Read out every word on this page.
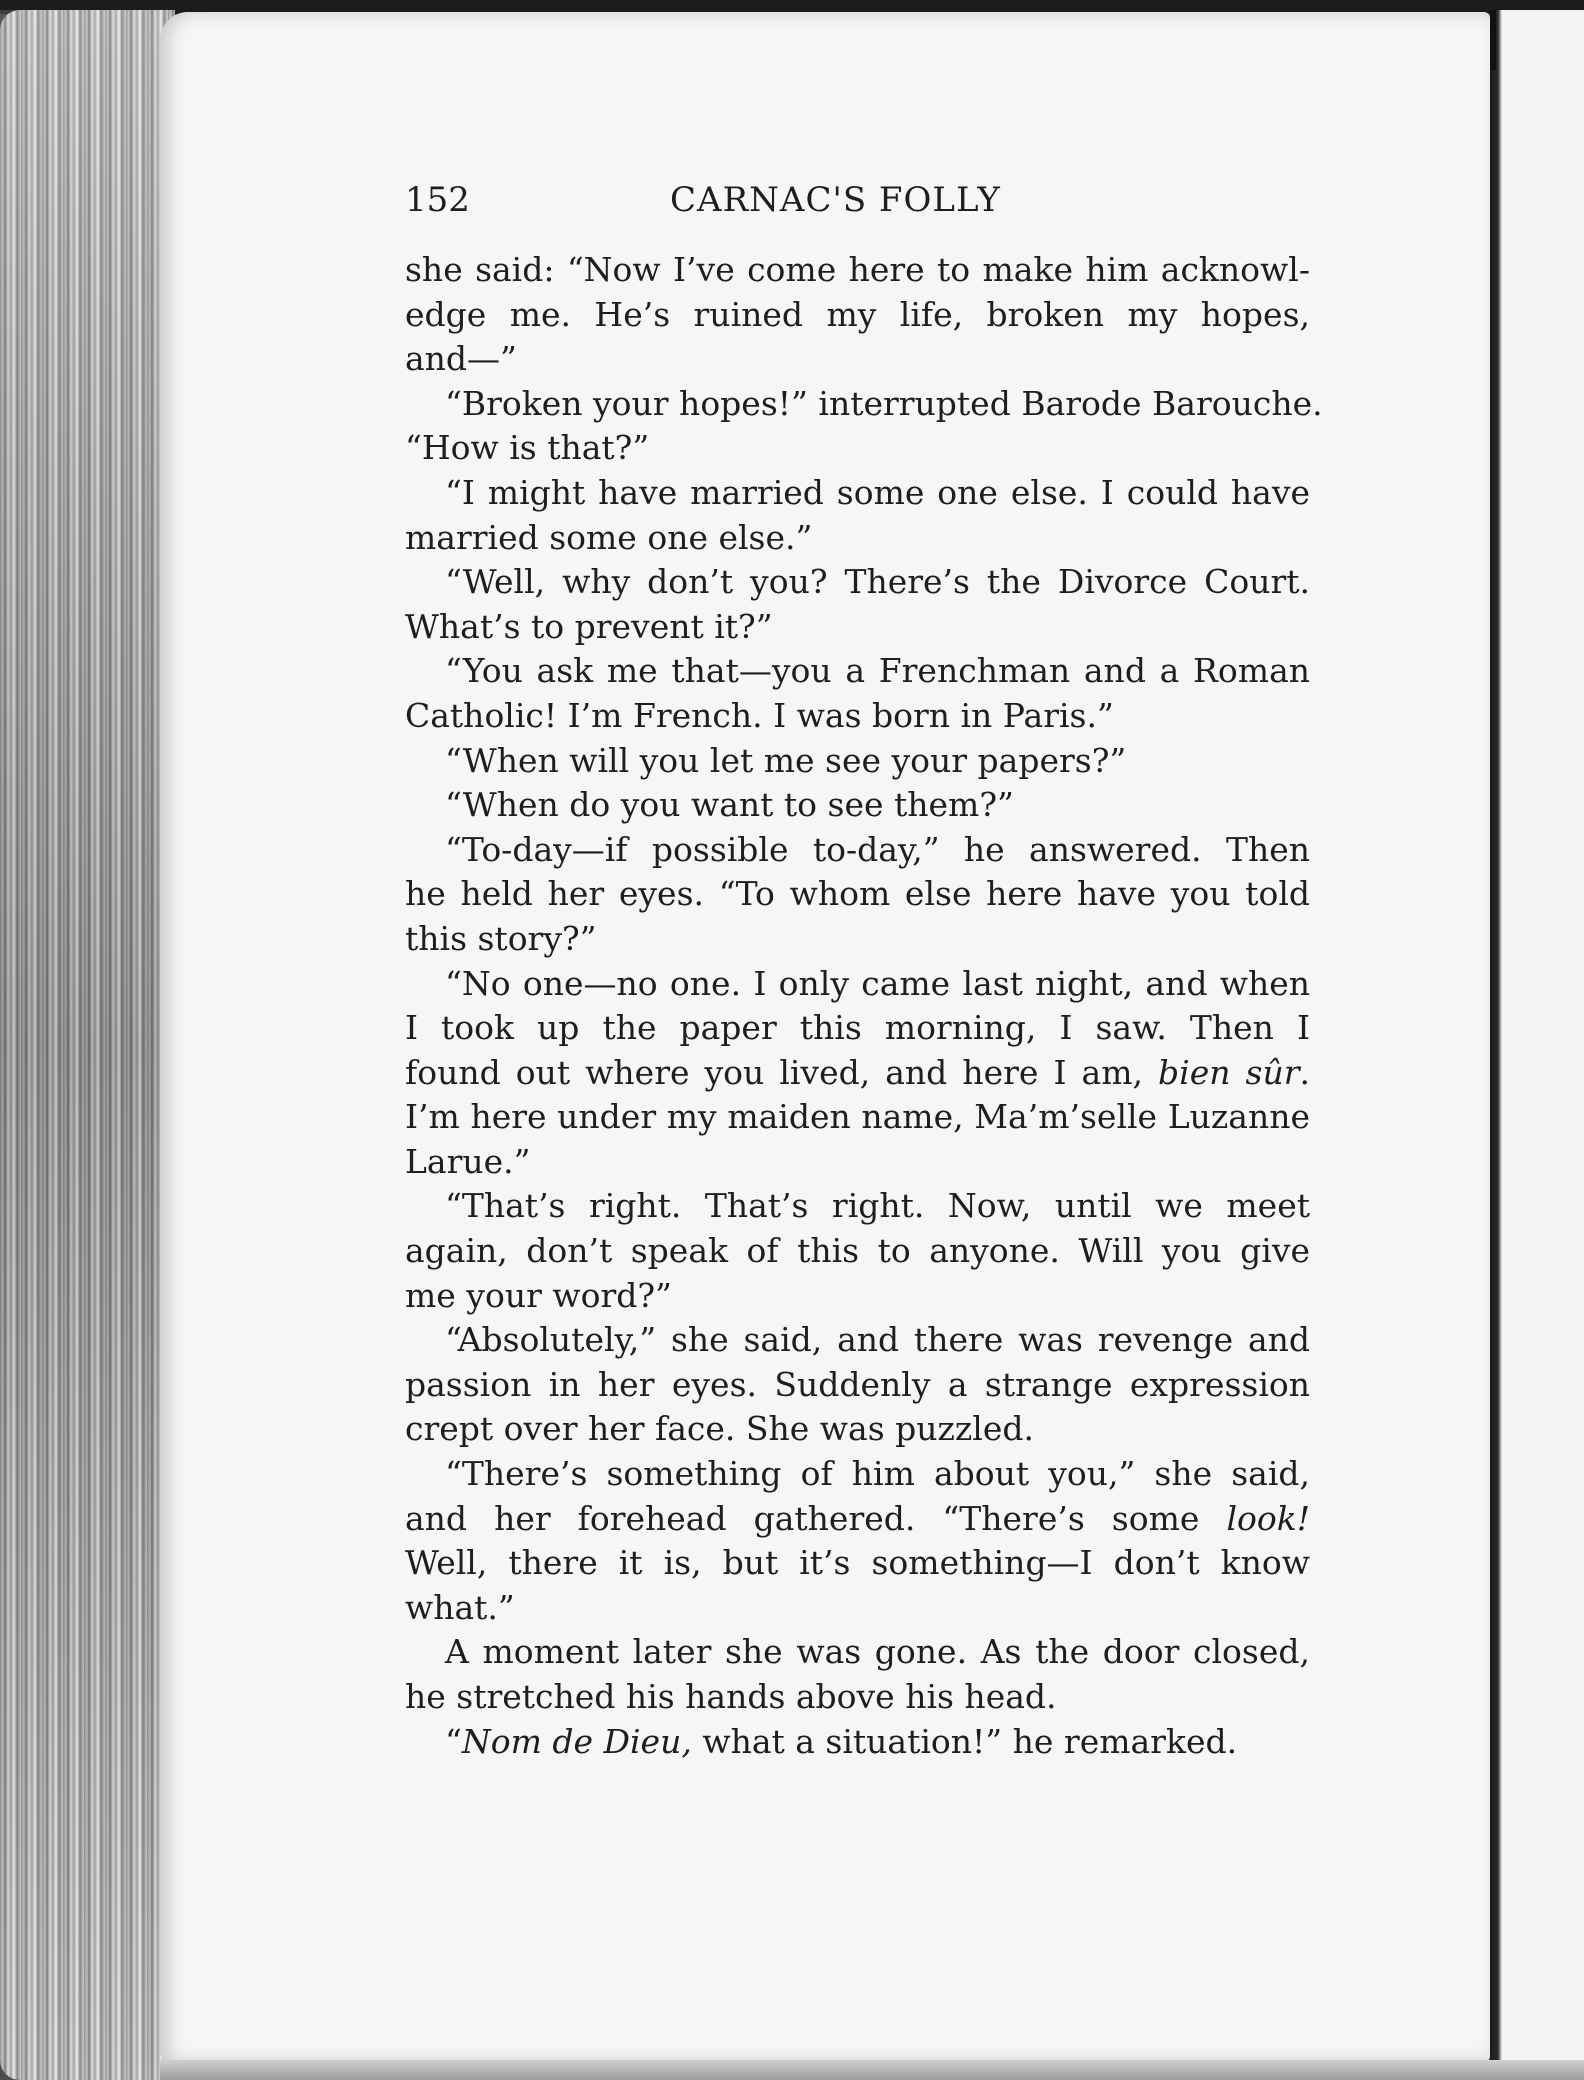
152	CARNAC'S FOLLY
she said: “Now I’ve come here to make him acknowl-
edge me. He’s ruined my life, broken my hopes,
and—”
“Broken your hopes!” interrupted Barode Barouche.
“How is that?”
“I might have married some one else. I could have
married some one else.”
“Well, why don’t you? There’s the Divorce Court.
What’s to prevent it?”
“You ask me that—you a Frenchman and a Roman
Catholic! I’m French. I was born in Paris.”
“When will you let me see your papers?”
“When do you want to see them?”
“To-day—if possible to-day,” he answered. Then
he held her eyes. “To whom else here have you told
this story?”
“No one—no one. I only came last night, and when
I took up the paper this morning, I saw. Then I
found out where you lived, and here I am, bien sûr.
I’m here under my maiden name, Ma’m’selle Luzanne
Larue.”
“That’s right. That’s right. Now, until we meet
again, don’t speak of this to anyone. Will you give
me your word?”
“Absolutely,” she said, and there was revenge and
passion in her eyes. Suddenly a strange expression
crept over her face. She was puzzled.
“There’s something of him about you,” she said,
and her forehead gathered. “There’s some look!
Well, there it is, but it’s something—I don’t know
what.”
A moment later she was gone. As the door closed,
he stretched his hands above his head.
“Nom de Dieu, what a situation!” he remarked.
